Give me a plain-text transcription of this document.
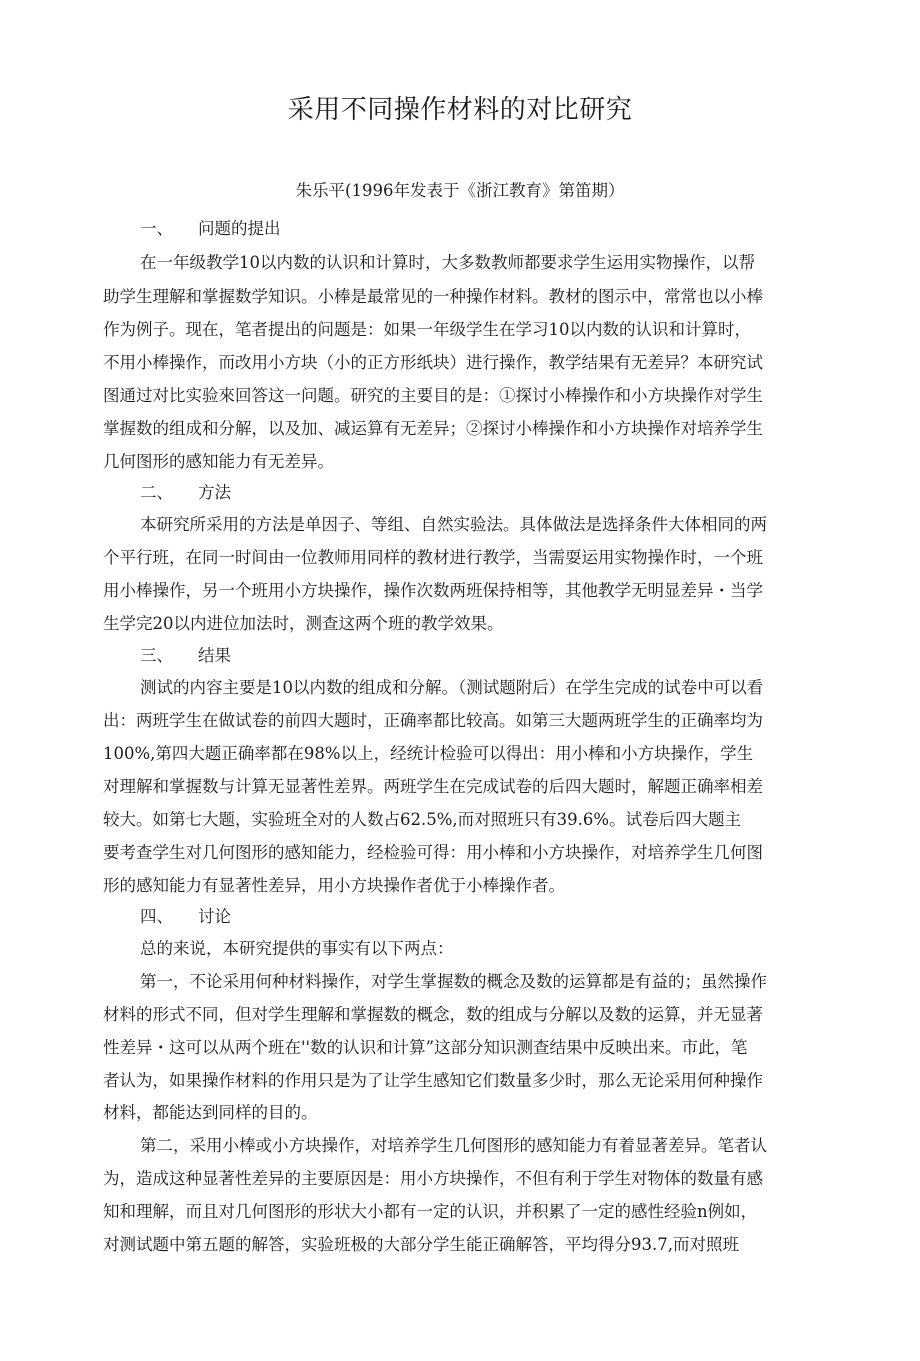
采用不同操作材料的对比研究

朱乐平(1996年发表于《浙江教育》第笛期）

一、 问题的提出

在一年级教学10以内数的认识和计算时，大多数教师都要求学生运用实物操作，以帮

助学生理解和掌握数学知识。小棒是最常见的一种操作材料。教材的图示中，常常也以小棒

作为例子。现在，笔者提出的问题是：如果一年级学生在学习10以内数的认识和计算时，

不用小棒操作，而改用小方块（小的正方形纸块）进行操作，教学结果有无差异？本研究试

图通过对比实验來回答这一问题。研究的主要目的是：①探讨小棒操作和小方块操作对学生

掌握数的组成和分解，以及加、减运算有无差异；②探讨小棒操作和小方块操作对培养学生

几何图形的感知能力有无差异。

二、 方法

本研究所采用的方法是单因子、等组、自然实验法。具体做法是选择条件大体相同的两

个平行班，在同一时间由一位教师用同样的教材进行教学，当需耍运用实物操作时，一个班

用小棒操作，另一个班用小方块操作，操作次数两班保持相等，其他教学无明显差异・当学

生学完20以内进位加法时，测查这两个班的教学效果。

三、 结果

测试的内容主要是10以内数的组成和分解。（测试题附后）在学生完成的试卷中可以看

出：两班学生在做试卷的前四大题时，正确率都比较高。如第三大题两班学生的正确率均为

100%,第四大题正确率都在98%以上，经统计检验可以得出：用小棒和小方块操作，学生

对理解和掌握数与计算无显著性差界。两班学生在完成试卷的后四大题时，解题正确率相差

较大。如第七大题，实验班全对的人数占62.5%,而对照班只有39.6%。试卷后四大题主

要考查学生对几何图形的感知能力，经检验可得：用小棒和小方块操作，对培养学生几何图

形的感知能力有显著性差异，用小方块操作者优于小棒操作者。

四、 讨论

总的来说，本研究提供的事实有以下两点：

第一，不论采用何种材料操作，对学生掌握数的概念及数的运算都是有益的；虽然操作

材料的形式不同，但对学生理解和掌握数的概念，数的组成与分解以及数的运算，并无显著

性差异・这可以从两个班在''数的认识和计算”这部分知识测查结果中反映出来。市此，笔

者认为，如果操作材料的作用只是为了让学生感知它们数量多少时，那么无论采用何种操作

材料，都能达到同样的目的。

第二，采用小棒或小方块操作，对培养学生几何图形的感知能力有着显著差异。笔者认

为，造成这种显著性差异的主要原因是：用小方块操作，不但有利于学生对物体的数量有感

知和理解，而且对几何图形的形状大小都有一定的认识，并积累了一定的感性经验n例如，

对测试题中第五题的解答，实验班极的大部分学生能正确解答，平均得分93.7,而对照班
